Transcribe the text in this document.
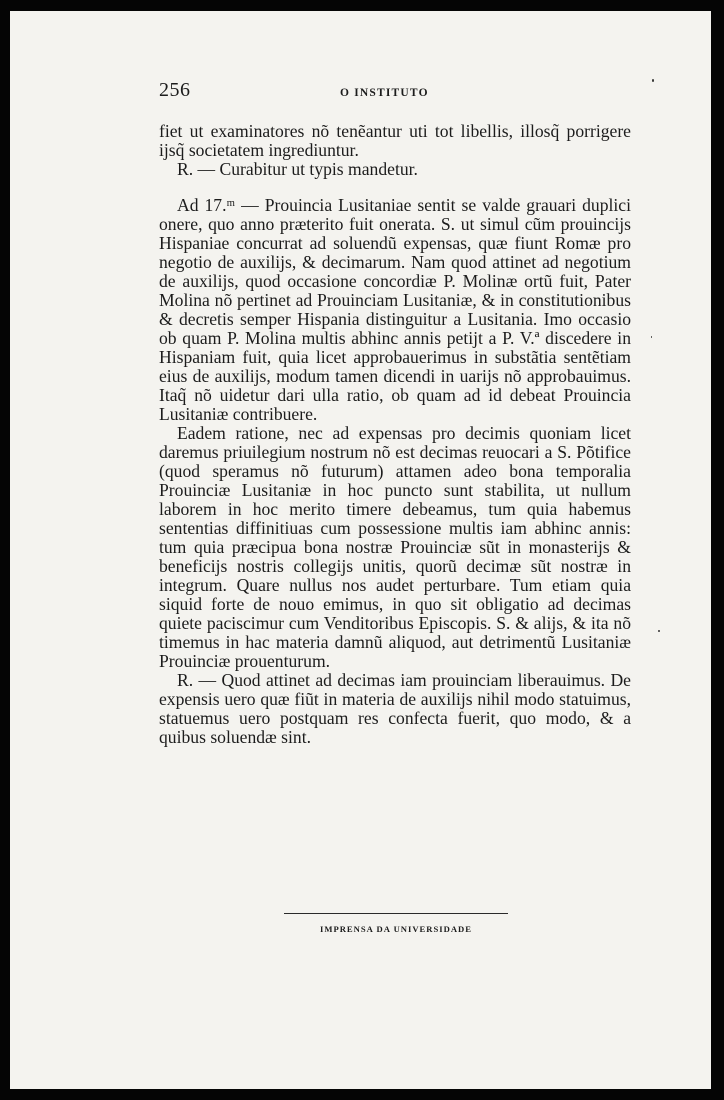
256	O INSTITUTO

fiet ut examinatores nõ tenẽantur uti tot libellis, illosq̃ porrigere ijsq̃ societatem ingrediuntur.

R. — Curabitur ut typis mandetur.

Ad 17.ᵐ — Prouincia Lusitaniae sentit se valde grauari duplici onere, quo anno præterito fuit onerata. S. ut simul cũm prouincijs Hispaniae concurrat ad soluendũ expensas, quæ fiunt Romæ pro negotio de auxilijs, & decimarum. Nam quod attinet ad negotium de auxilijs, quod occasione concordiæ P. Molinæ ortũ fuit, Pater Molina nõ pertinet ad Prouinciam Lusitaniæ, & in constitutionibus & decretis semper Hispania distinguitur a Lusitania. Imo occasio ob quam P. Molina multis abhinc annis petijt a P. V.ª discedere in Hispaniam fuit, quia licet approbauerimus in substãtia sentẽtiam eius de auxilijs, modum tamen dicendi in uarijs nõ approbauimus. Itaq̃ nõ uidetur dari ulla ratio, ob quam ad id debeat Prouincia Lusitaniæ contribuere.

Eadem ratione, nec ad expensas pro decimis quoniam licet daremus priuilegium nostrum nõ est decimas reuocari a S. Põtifice (quod speramus nõ futurum) attamen adeo bona temporalia Prouinciæ Lusitaniæ in hoc puncto sunt stabilita, ut nullum laborem in hoc merito timere debeamus, tum quia habemus sententias diffinitiuas cum possessione multis iam abhinc annis: tum quia præcipua bona nostræ Prouinciæ sũt in monasterijs & beneficijs nostris collegijs unitis, quorũ decimæ sũt nostræ in integrum. Quare nullus nos audet perturbare. Tum etiam quia siquid forte de nouo emimus, in quo sit obligatio ad decimas quiete paciscimur cum Venditoribus Episcopis. S. & alijs, & ita nõ timemus in hac materia damnũ aliquod, aut detrimentũ Lusitaniæ Prouinciæ prouenturum.

R. — Quod attinet ad decimas iam prouinciam liberauimus. De expensis uero quæ fiũt in materia de auxilijs nihil modo statuimus, statuemus uero postquam res confecta fuerit, quo modo, & a quibus soluendæ sint.

IMPRENSA DA UNIVERSIDADE
